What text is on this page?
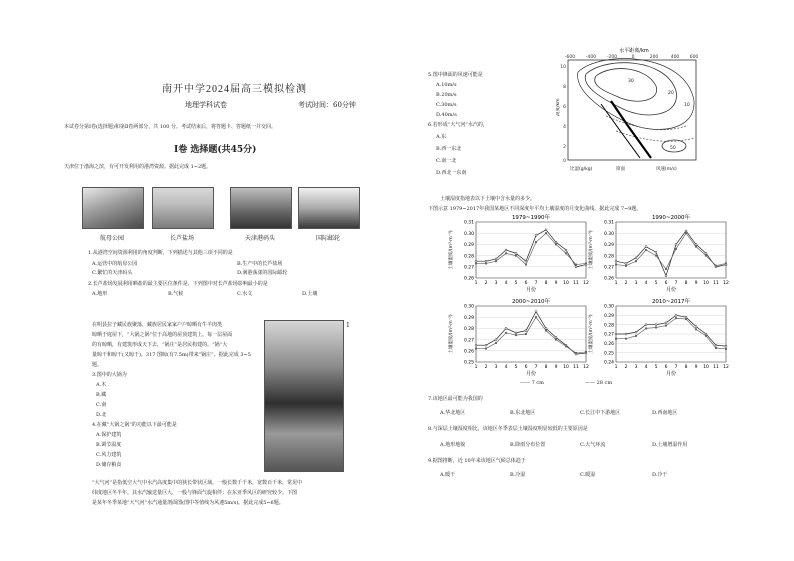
南开中学2024届高三模拟检测
地理学科试卷	考试时间：60分钟
本试卷分第Ⅰ卷(选择题)和第Ⅱ卷两部分，共 100 分。考试结束后，将答题卡、答题纸一并交回。
Ⅰ卷 选择题(共45分)
天津位于渤海之滨，有可开发利用的港湾资源。据此完成 1~2题。
航母公园	长芦盐场	天津港码头	国际邮轮
1.从港湾空间资源利用的角度判断，下列描述与其他三项不同的是
A.运营中的航母公园	B.生产中的长芦盐场
C.繁忙的天津码头	D.满港荡漾的国际邮轮
2.长芦盐场发展利用晒盐的最主要区位条件是，下列图中对长芦盐场影响最小的是
A.地形	B.气候	C.水文	D.土壤
在明县拉子藏民族聚落，藏族居民家家户户晾晒有牛羊肉类
晾晒于庭屋下，“大锅之锅”位于高地的屋顶建筑上。每一层屋面
的有晾晒，有建筑形成天下去，“锅庄”是居民构建的。“锅”大
量晾干和晾干(又晾干)。317 图晾(有7.5m)带来“锅庄”。据此完成 3~5
题。
1
3.图中的大锅为
A.木
B.藏
C.南
D.北
4.在藏“大锅之锅”的功能以下最可能是
A.保护建筑
B.调节温度
C.风力建筑
D.储存粮食
“大气河”是指低空大气中水汽高度集中的狭长带状区域。一般长数千千米，宽数百千米，常见中
纬度地区冬半年。其水汽输送量巨大，一般与锋面气旋相伴；在东亚季风区的研究较少。下图
是某年冬季某地“大气河”水汽通量剖面图(图中等值线为风速5m/s)。据此完成5~6题。
5.图中锋面的风速可能是
A.10m/s
B.20m/s
C.30m/s
D.40m/s
6.若形成“大气河”水汽的，
A.东
B.西一东北
C.南一北
D.西北一东南
水平距离/km
-600 -400 -200	0	200	400 600
10
8
6
4
2
0
高度/km
30
20
10
50
风速(m/s)
比湿(g/kg)	锋面
土壤湿度指地表以下土壤中含水量的多少。
下图示意 1979~2017年我国某地区不同深度年平均土壤湿度的月变化曲线。据此完成 7~9题。
1979~1990年
0.26
0.27
0.28
0.29
0.30
0.31
1 2 3 4 5 6 7 8 9 10 11 12
月份
土壤湿度/(m³·m⁻³)
1990~2000年
0.26
0.27
0.28
0.29
0.30
0.31
1 2 3 4 5 6 7 8 9 10 11 12
月份
土壤湿度/(m³·m⁻³)
2000~2010年
0.25
0.26
0.27
0.28
0.29
0.30
1 2 3 4 5 6 7 8 9 10 11 12
月份
土壤湿度/(m³·m⁻³)
2010~2017年
0.24
0.25
0.26
0.27
0.28
0.29
0.30
1 2 3 4 5 6 7 8 9 10 11 12
月份
土壤湿度/(m³·m⁻³)
—— 7 cm	—— 28 cm
7.该地区最可能为我国的
A.华北地区	B.东北地区	C.长江中下游地区	D.西南地区
8.与深层土壤湿度相比，该地区冬季表层土壤湿度明显较低的主要原因是
A.地形地貌	B.降雨分布位置	C.大气环流	D.土壤增温作用
9.据图推断，近 10年来该地区气候总体趋于
A.暖干	B.冷湿	C.暖湿	D.冷干
